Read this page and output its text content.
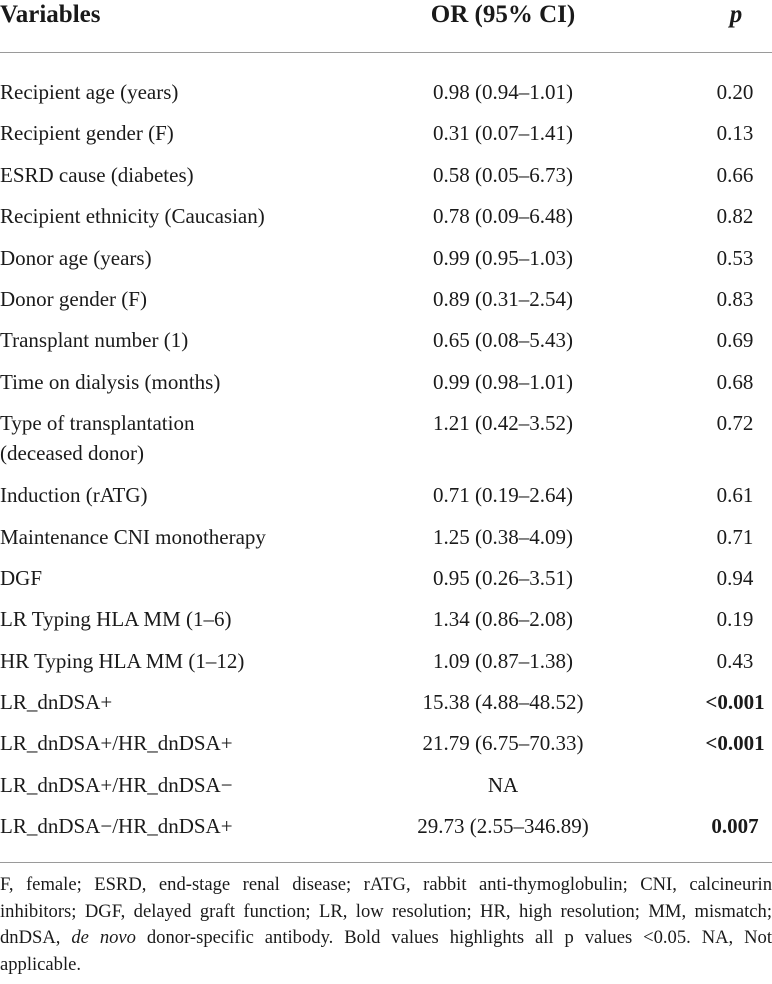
Variables	OR (95% CI)	p
Recipient age (years)	0.98 (0.94–1.01)	0.20
Recipient gender (F)	0.31 (0.07–1.41)	0.13
ESRD cause (diabetes)	0.58 (0.05–6.73)	0.66
Recipient ethnicity (Caucasian)	0.78 (0.09–6.48)	0.82
Donor age (years)	0.99 (0.95–1.03)	0.53
Donor gender (F)	0.89 (0.31–2.54)	0.83
Transplant number (1)	0.65 (0.08–5.43)	0.69
Time on dialysis (months)	0.99 (0.98–1.01)	0.68
Type of transplantation
(deceased donor)
1.21 (0.42–3.52)	0.72
Induction (rATG)	0.71 (0.19–2.64)	0.61
Maintenance CNI monotherapy	1.25 (0.38–4.09)	0.71
DGF	0.95 (0.26–3.51)	0.94
LR Typing HLA MM (1–6)	1.34 (0.86–2.08)	0.19
HR Typing HLA MM (1–12)	1.09 (0.87–1.38)	0.43
LR_dnDSA+	15.38 (4.88–48.52)	<0.001
LR_dnDSA+/HR_dnDSA+	21.79 (6.75–70.33)	<0.001
LR_dnDSA+/HR_dnDSA−	NA
LR_dnDSA−/HR_dnDSA+	29.73 (2.55–346.89)	0.007
F, female; ESRD, end-stage renal disease; rATG, rabbit anti-thymoglobulin; CNI, calcineurin inhibitors; DGF, delayed graft function; LR, low resolution; HR, high resolution; MM, mismatch; dnDSA, de novo donor-specific antibody. Bold values highlights all p values <0.05. NA, Not applicable.
